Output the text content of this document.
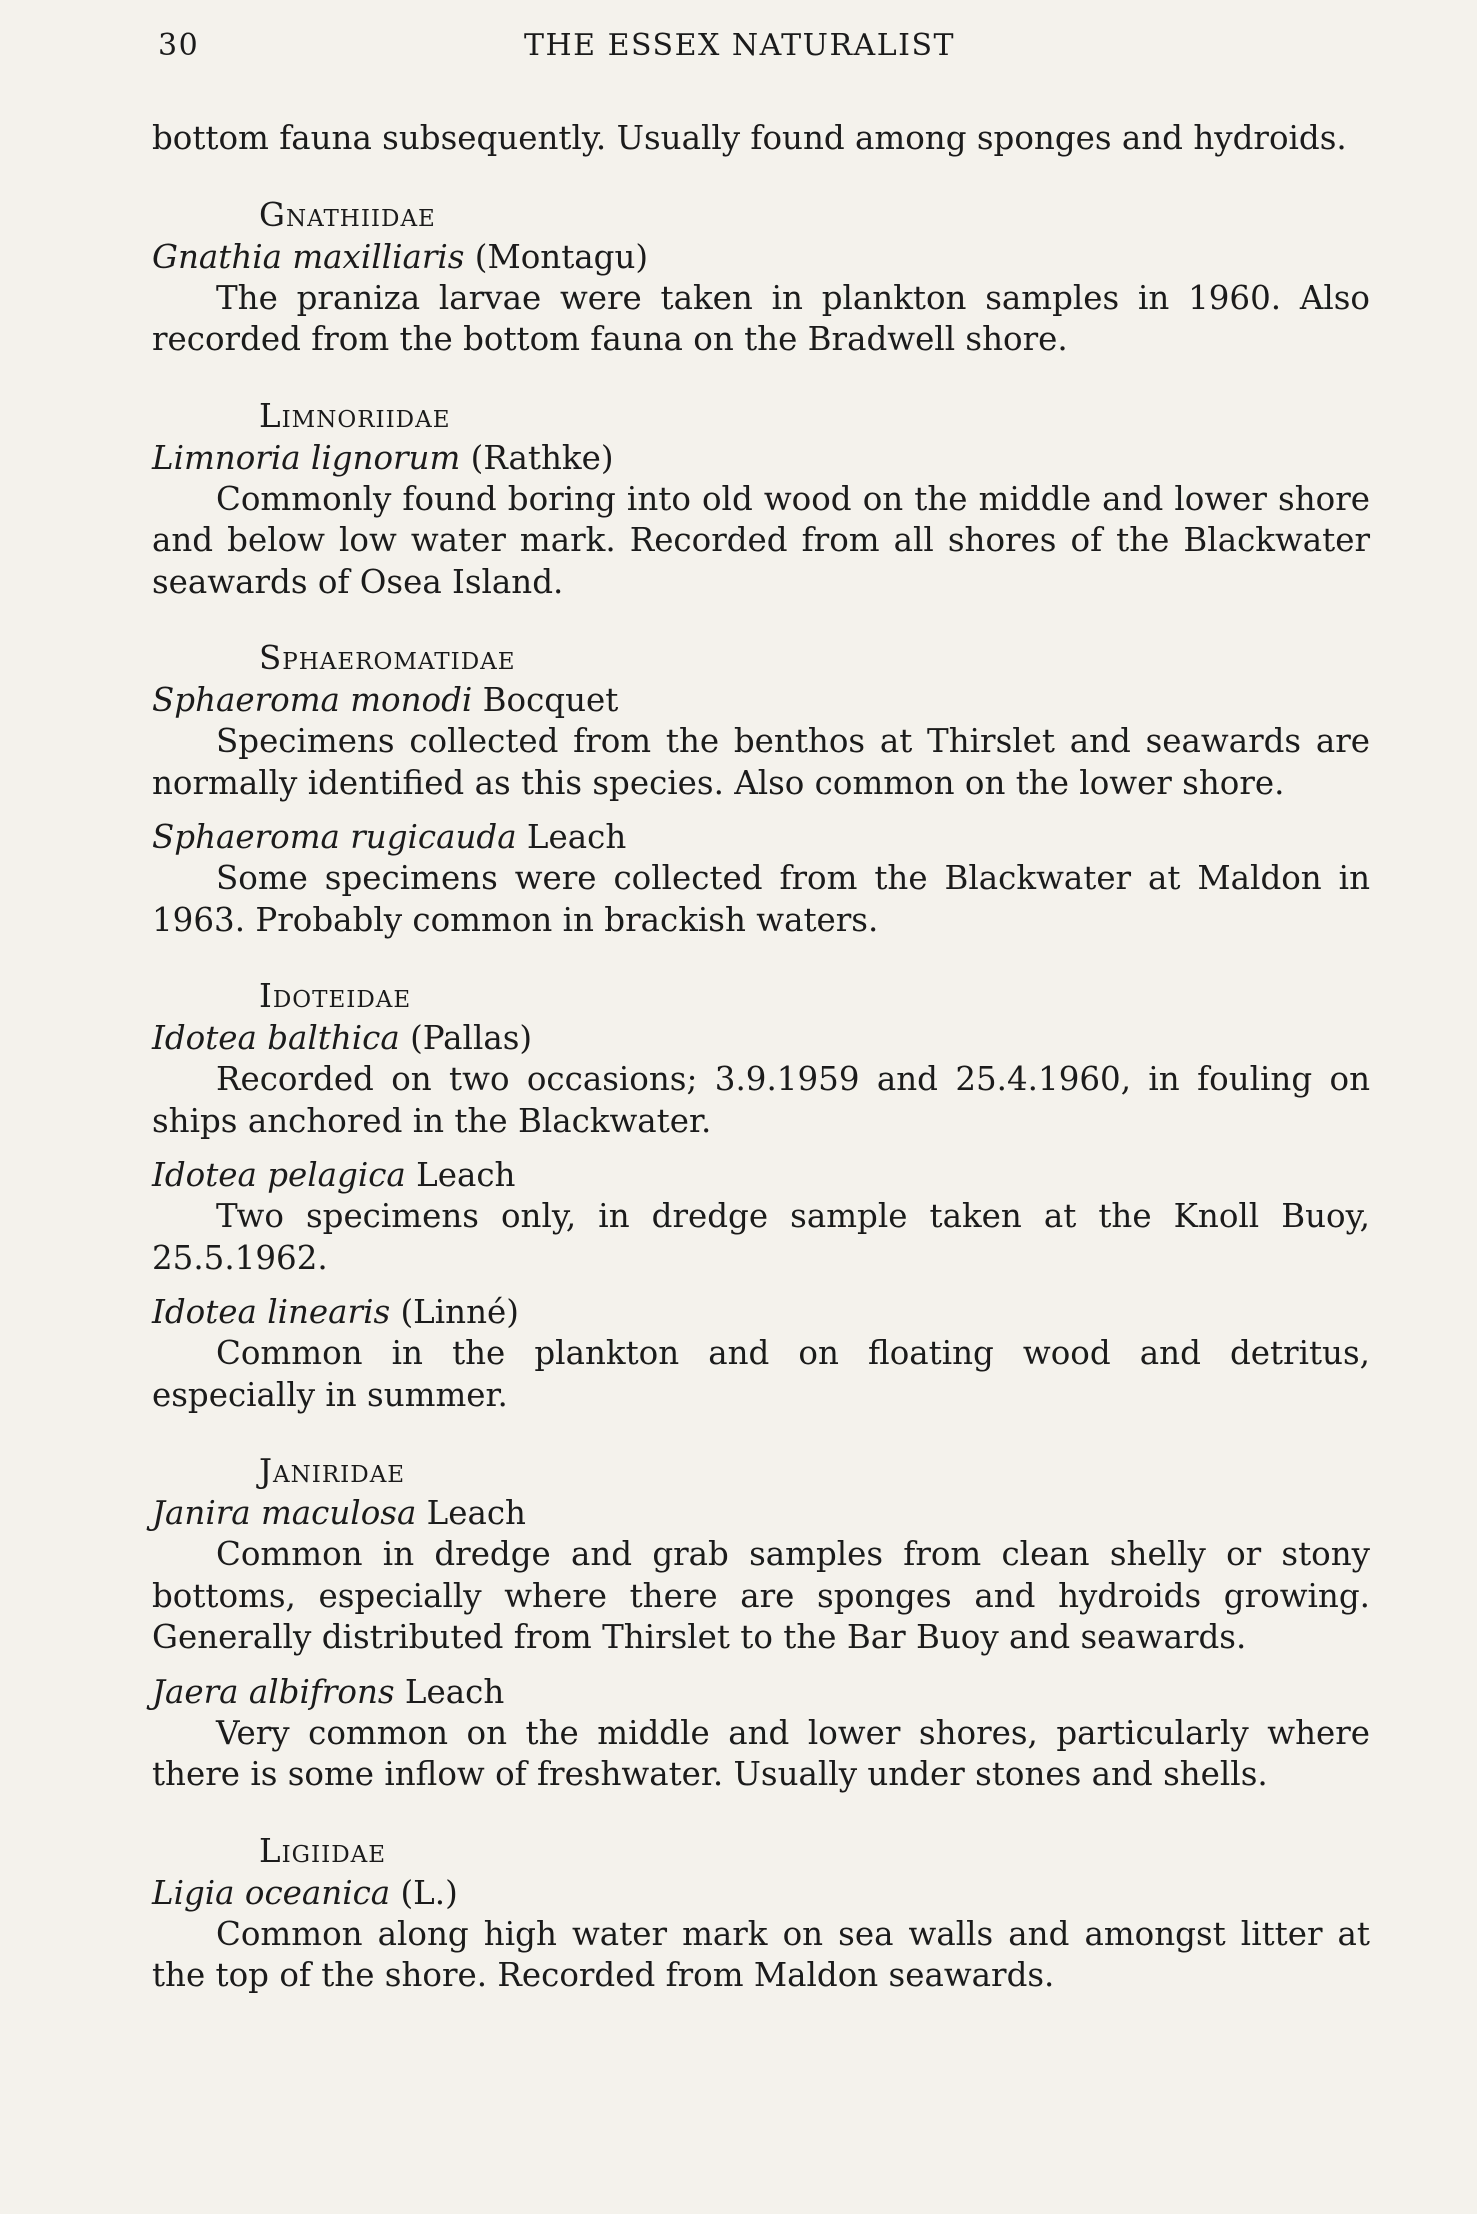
30	THE ESSEX NATURALIST

bottom fauna subsequently. Usually found among sponges and hydroids.

Gnathiidae
Gnathia maxilliaris (Montagu)

The praniza larvae were taken in plankton samples in 1960. Also recorded from the bottom fauna on the Bradwell shore.

Limnoriidae
Limnoria lignorum (Rathke)

Commonly found boring into old wood on the middle and lower shore and below low water mark. Recorded from all shores of the Blackwater seawards of Osea Island.

Sphaeromatidae
Sphaeroma monodi Bocquet

Specimens collected from the benthos at Thirslet and seawards are normally identified as this species. Also common on the lower shore.

Sphaeroma rugicauda Leach

Some specimens were collected from the Blackwater at Maldon in 1963. Probably common in brackish waters.

Idoteidae
Idotea balthica (Pallas)

Recorded on two occasions; 3.9.1959 and 25.4.1960, in fouling on ships anchored in the Blackwater.

Idotea pelagica Leach

Two specimens only, in dredge sample taken at the Knoll Buoy, 25.5.1962.

Idotea linearis (Linné)

Common in the plankton and on floating wood and detritus, especially in summer.

Janiridae
Janira maculosa Leach

Common in dredge and grab samples from clean shelly or stony bottoms, especially where there are sponges and hydroids growing. Generally distributed from Thirslet to the Bar Buoy and seawards.

Jaera albifrons Leach

Very common on the middle and lower shores, particularly where there is some inflow of freshwater. Usually under stones and shells.

Ligiidae
Ligia oceanica (L.)

Common along high water mark on sea walls and amongst litter at the top of the shore. Recorded from Maldon seawards.
